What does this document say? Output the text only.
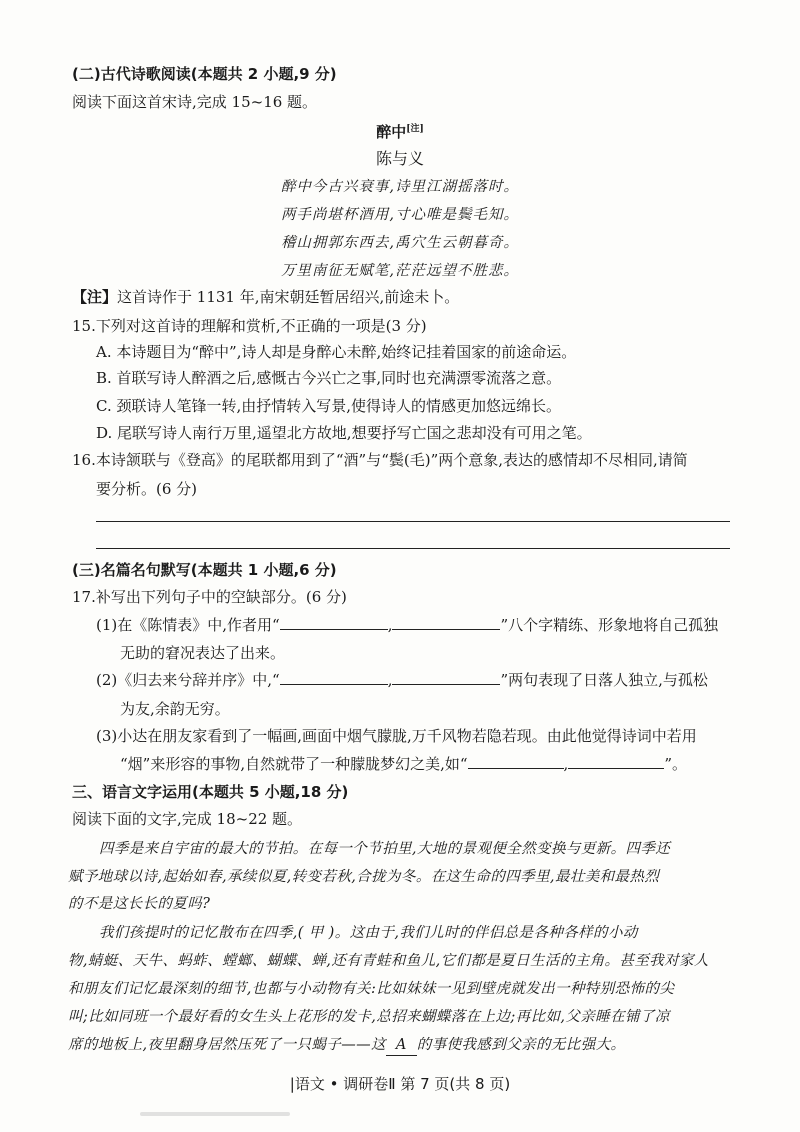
(二)古代诗歌阅读(本题共 2 小题,9 分)
阅读下面这首宋诗,完成 15~16 题。
醉中[注]
陈与义
醉中今古兴衰事,诗里江湖摇落时。
两手尚堪杯酒用,寸心唯是鬓毛知。
稽山拥郭东西去,禹穴生云朝暮奇。
万里南征无赋笔,茫茫远望不胜悲。
【注】这首诗作于 1131 年,南宋朝廷暂居绍兴,前途未卜。
15.下列对这首诗的理解和赏析,不正确的一项是(3 分)
A. 本诗题目为“醉中”,诗人却是身醉心未醉,始终记挂着国家的前途命运。
B. 首联写诗人醉酒之后,感慨古今兴亡之事,同时也充满漂零流落之意。
C. 颈联诗人笔锋一转,由抒情转入写景,使得诗人的情感更加悠远绵长。
D. 尾联写诗人南行万里,遥望北方故地,想要抒写亡国之悲却没有可用之笔。
16.本诗颔联与《登高》的尾联都用到了“酒”与“鬓(毛)”两个意象,表达的感情却不尽相同,请简
要分析。(6 分)
(三)名篇名句默写(本题共 1 小题,6 分)
17.补写出下列句子中的空缺部分。(6 分)
(1)在《陈情表》中,作者用“	,	”八个字精练、形象地将自己孤独
无助的窘况表达了出来。
(2)《归去来兮辞并序》中,“	,	”两句表现了日落人独立,与孤松
为友,余韵无穷。
(3)小达在朋友家看到了一幅画,画面中烟气朦胧,万千风物若隐若现。由此他觉得诗词中若用
“烟”来形容的事物,自然就带了一种朦胧梦幻之美,如“	,	”。
三、语言文字运用(本题共 5 小题,18 分)
阅读下面的文字,完成 18~22 题。
四季是来自宇宙的最大的节拍。在每一个节拍里,大地的景观便全然变换与更新。四季还
赋予地球以诗,起始如春,承续似夏,转变若秋,合拢为冬。在这生命的四季里,最壮美和最热烈
的不是这长长的夏吗?
我们孩提时的记忆散布在四季,( 甲 )。这由于,我们儿时的伴侣总是各种各样的小动
物,蜻蜓、天牛、蚂蚱、螳螂、蝴蝶、蝉,还有青蛙和鱼儿,它们都是夏日生活的主角。甚至我对家人
和朋友们记忆最深刻的细节,也都与小动物有关:比如妹妹一见到壁虎就发出一种特别恐怖的尖
叫;比如同班一个最好看的女生头上花形的发卡,总招来蝴蝶落在上边;再比如,父亲睡在铺了凉
席的地板上,夜里翻身居然压死了一只蝎子——这 A 的事使我感到父亲的无比强大。
|语文 • 调研卷Ⅱ 第 7 页(共 8 页)
